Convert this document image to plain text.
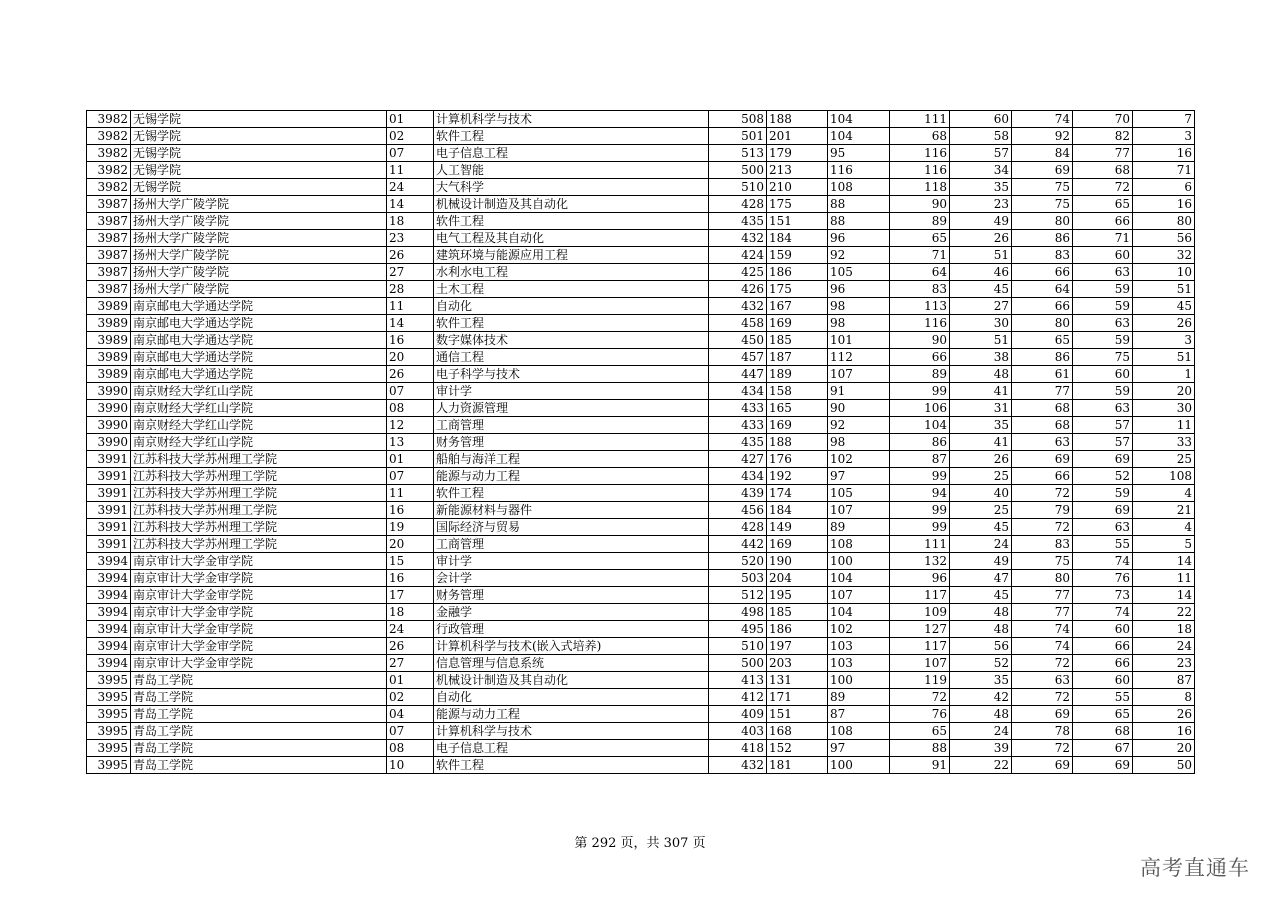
3982	无锡学院	01	计算机科学与技术	508	188	104	111	60	74	70	7
3982	无锡学院	02	软件工程	501	201	104	68	58	92	82	3
3982	无锡学院	07	电子信息工程	513	179	95	116	57	84	77	16
3982	无锡学院	11	人工智能	500	213	116	116	34	69	68	71
3982	无锡学院	24	大气科学	510	210	108	118	35	75	72	6
3987	扬州大学广陵学院	14	机械设计制造及其自动化	428	175	88	90	23	75	65	16
3987	扬州大学广陵学院	18	软件工程	435	151	88	89	49	80	66	80
3987	扬州大学广陵学院	23	电气工程及其自动化	432	184	96	65	26	86	71	56
3987	扬州大学广陵学院	26	建筑环境与能源应用工程	424	159	92	71	51	83	60	32
3987	扬州大学广陵学院	27	水利水电工程	425	186	105	64	46	66	63	10
3987	扬州大学广陵学院	28	土木工程	426	175	96	83	45	64	59	51
3989	南京邮电大学通达学院	11	自动化	432	167	98	113	27	66	59	45
3989	南京邮电大学通达学院	14	软件工程	458	169	98	116	30	80	63	26
3989	南京邮电大学通达学院	16	数字媒体技术	450	185	101	90	51	65	59	3
3989	南京邮电大学通达学院	20	通信工程	457	187	112	66	38	86	75	51
3989	南京邮电大学通达学院	26	电子科学与技术	447	189	107	89	48	61	60	1
3990	南京财经大学红山学院	07	审计学	434	158	91	99	41	77	59	20
3990	南京财经大学红山学院	08	人力资源管理	433	165	90	106	31	68	63	30
3990	南京财经大学红山学院	12	工商管理	433	169	92	104	35	68	57	11
3990	南京财经大学红山学院	13	财务管理	435	188	98	86	41	63	57	33
3991	江苏科技大学苏州理工学院	01	船舶与海洋工程	427	176	102	87	26	69	69	25
3991	江苏科技大学苏州理工学院	07	能源与动力工程	434	192	97	99	25	66	52	108
3991	江苏科技大学苏州理工学院	11	软件工程	439	174	105	94	40	72	59	4
3991	江苏科技大学苏州理工学院	16	新能源材料与器件	456	184	107	99	25	79	69	21
3991	江苏科技大学苏州理工学院	19	国际经济与贸易	428	149	89	99	45	72	63	4
3991	江苏科技大学苏州理工学院	20	工商管理	442	169	108	111	24	83	55	5
3994	南京审计大学金审学院	15	审计学	520	190	100	132	49	75	74	14
3994	南京审计大学金审学院	16	会计学	503	204	104	96	47	80	76	11
3994	南京审计大学金审学院	17	财务管理	512	195	107	117	45	77	73	14
3994	南京审计大学金审学院	18	金融学	498	185	104	109	48	77	74	22
3994	南京审计大学金审学院	24	行政管理	495	186	102	127	48	74	60	18
3994	南京审计大学金审学院	26	计算机科学与技术(嵌入式培养)	510	197	103	117	56	74	66	24
3994	南京审计大学金审学院	27	信息管理与信息系统	500	203	103	107	52	72	66	23
3995	青岛工学院	01	机械设计制造及其自动化	413	131	100	119	35	63	60	87
3995	青岛工学院	02	自动化	412	171	89	72	42	72	55	8
3995	青岛工学院	04	能源与动力工程	409	151	87	76	48	69	65	26
3995	青岛工学院	07	计算机科学与技术	403	168	108	65	24	78	68	16
3995	青岛工学院	08	电子信息工程	418	152	97	88	39	72	67	20
3995	青岛工学院	10	软件工程	432	181	100	91	22	69	69	50
第 292 页，共 307 页
高考直通车
